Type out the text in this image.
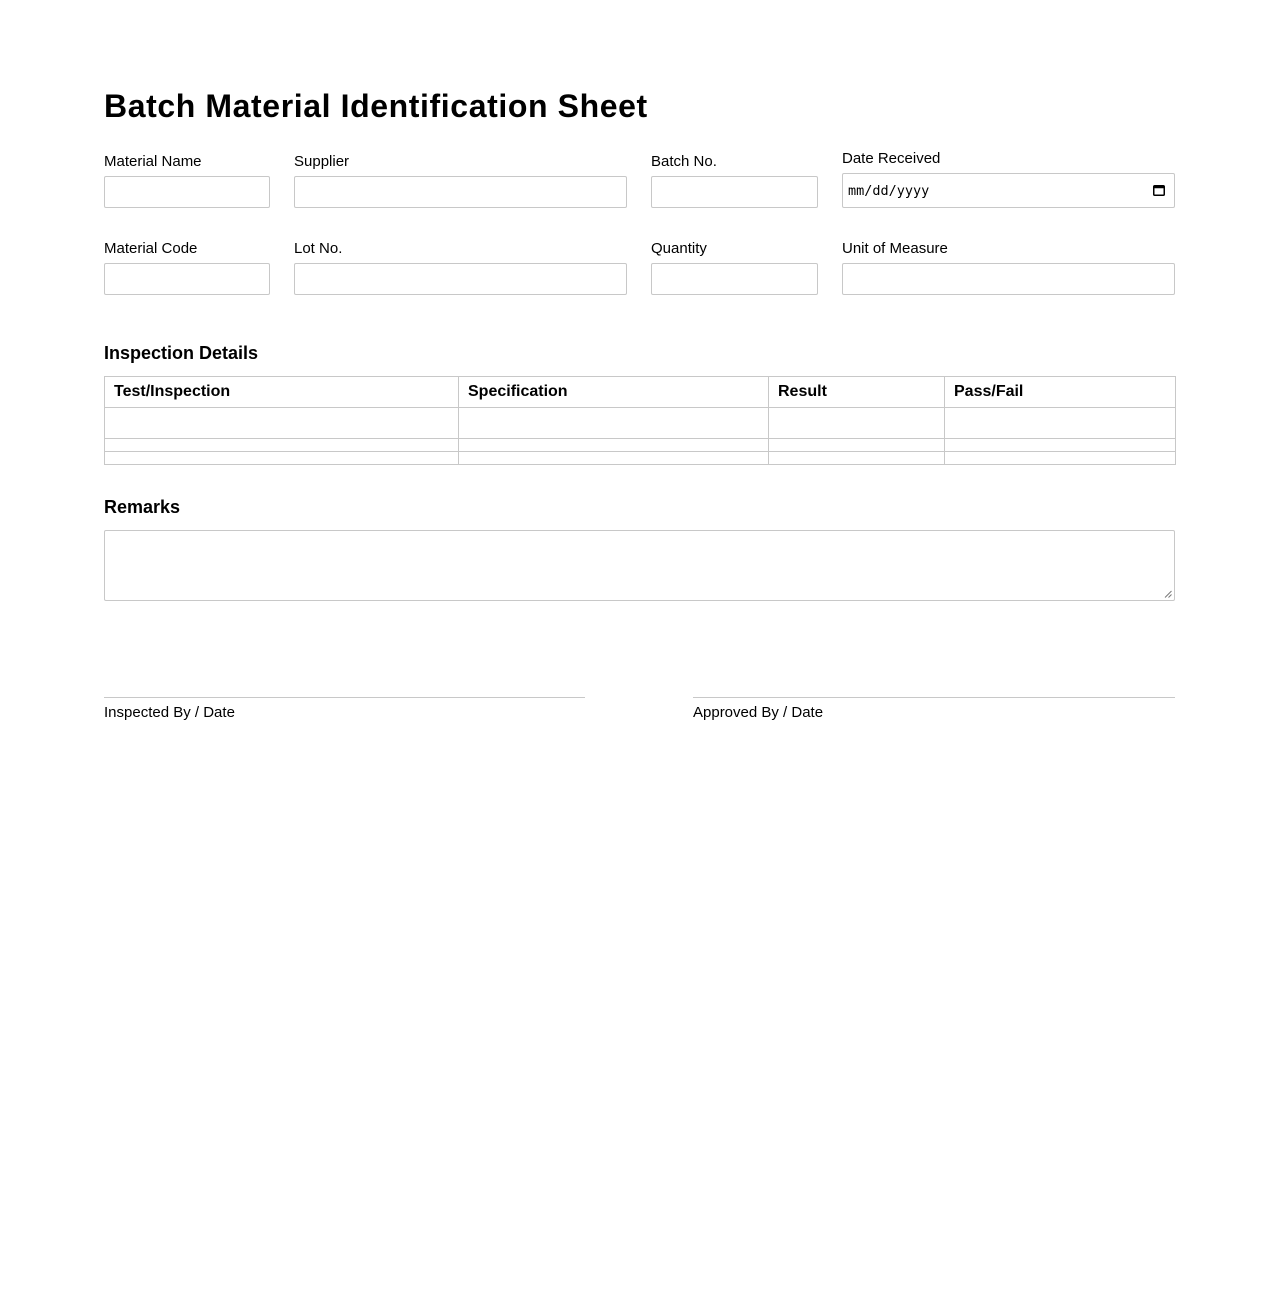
Batch Material Identification Sheet
Material Name	Supplier	Batch No.	Date Received
mm/dd/yyyy
Material Code	Lot No.	Quantity	Unit of Measure
Inspection Details
Test/Inspection	Specification	Result	Pass/Fail

Remarks
Inspected By / Date	Approved By / Date
